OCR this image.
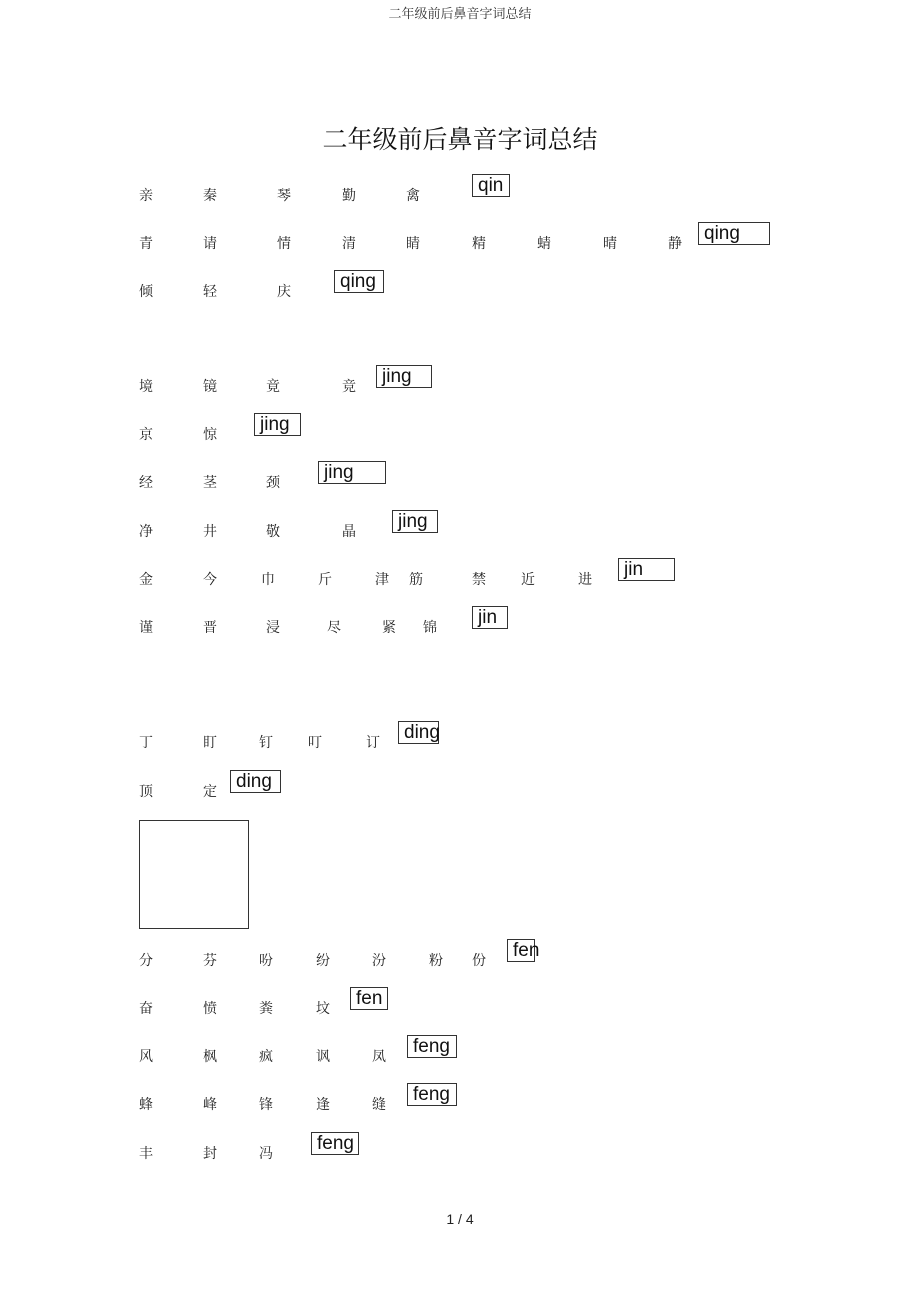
二年级前后鼻音字词总结
二年级前后鼻音字词总结
亲	秦	琴	勤	禽	qin
青	请	情	清	睛	精	蜻	晴	静	qing
倾	轻	庆	qing
境	镜	竟	竞	jing
京	惊	jing
经	茎	颈	jing
净	井	敬	晶	jing
金	今	巾	斤	津 筋	禁	近	进	jin
谨	晋	浸	尽	紧 锦	jin
丁	盯	钉	叮	订	ding
顶	定	ding
分	芬	吩	纷	汾	粉 份	fen
奋	愤	粪	坟	fen
风	枫	疯	讽	凤	feng
蜂	峰	锋	逢	缝	feng
丰	封	冯	feng
1 / 4
